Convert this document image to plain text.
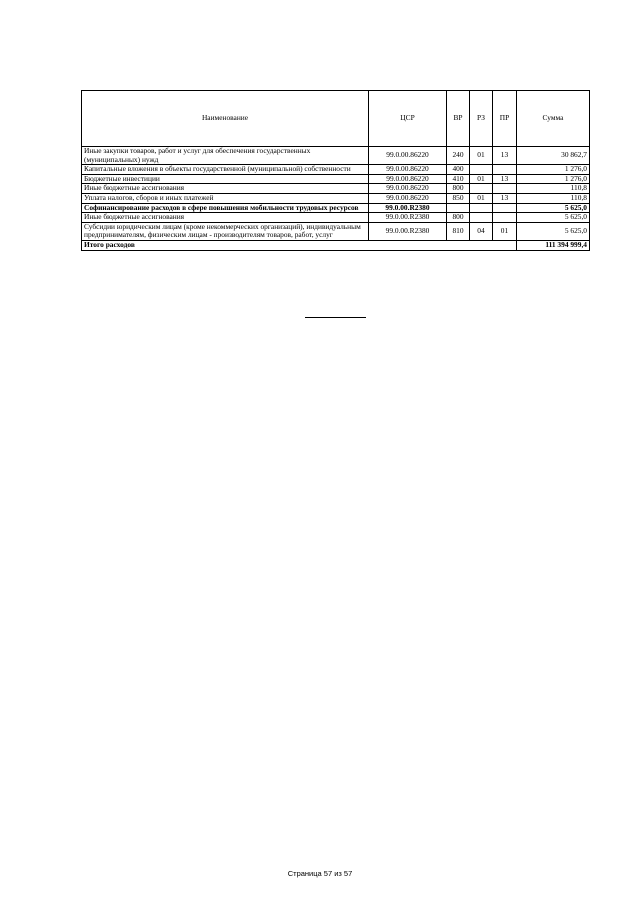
Наименование	ЦСР	ВР	РЗ	ПР	Сумма
Иные закупки товаров, работ и услуг для обеспечения государственных (муниципальных) нужд	99.0.00.86220	240	01	13	30 862,7
Капитальные вложения в объекты государственной (муниципальной) собственности	99.0.00.86220	400			1 276,0
Бюджетные инвестиции	99.0.00.86220	410	01	13	1 276,0
Иные бюджетные ассигнования	99.0.00.86220	800			110,8
Уплата налогов, сборов и иных платежей	99.0.00.86220	850	01	13	110,8
Софинансирование расходов в сфере повышения мобильности трудовых ресурсов	99.0.00.R2380				5 625,0
Иные бюджетные ассигнования	99.0.00.R2380	800			5 625,0
Субсидии юридическим лицам (кроме некоммерческих организаций), индивидуальным предпринимателям, физическим лицам - производителям товаров, работ, услуг	99.0.00.R2380	810	04	01	5 625,0
Итого расходов					111 394 999,4
Страница 57 из 57
